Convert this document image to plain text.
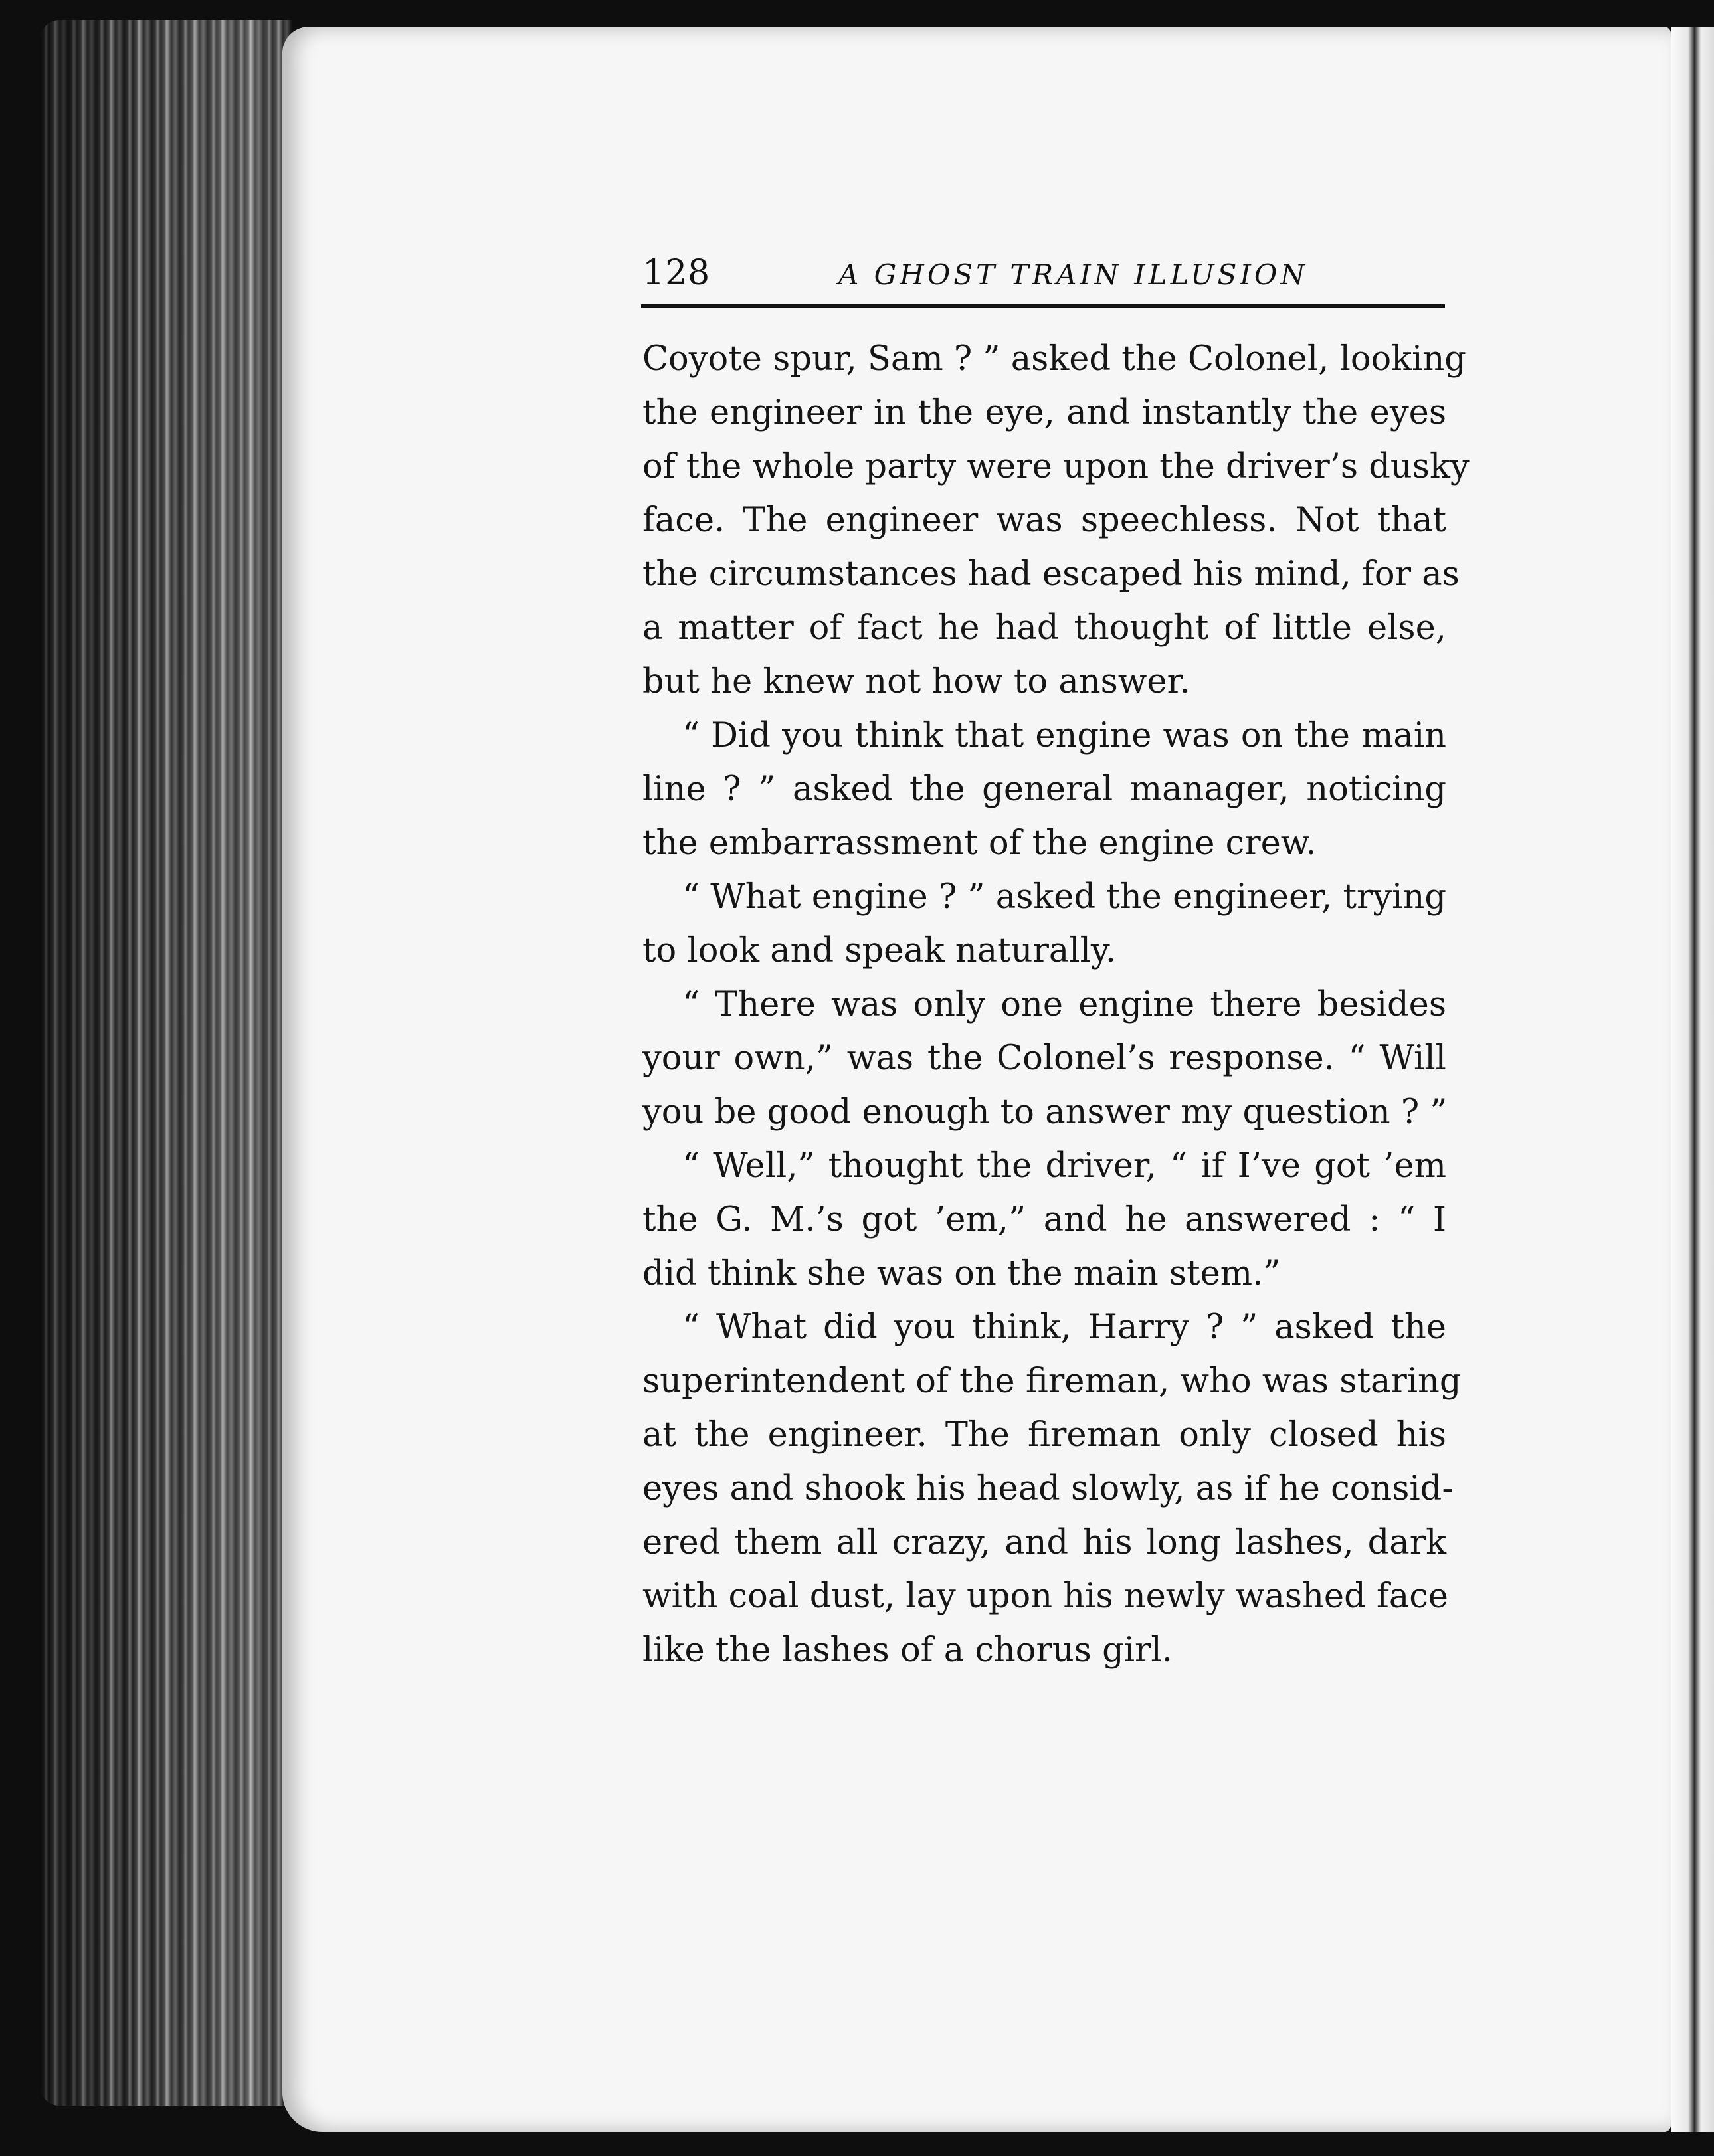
128	A GHOST TRAIN ILLUSION
Coyote spur, Sam ? ” asked the Colonel, looking
the engineer in the eye, and instantly the eyes
of the whole party were upon the driver’s dusky
face. The engineer was speechless. Not that
the circumstances had escaped his mind, for as
a matter of fact he had thought of little else,
but he knew not how to answer.
“ Did you think that engine was on the main
line ? ” asked the general manager, noticing
the embarrassment of the engine crew.
“ What engine ? ” asked the engineer, trying
to look and speak naturally.
“ There was only one engine there besides
your own,” was the Colonel’s response. “ Will
you be good enough to answer my question ? ”
“ Well,” thought the driver, “ if I’ve got ’em
the G. M.’s got ’em,” and he answered : “ I
did think she was on the main stem.”
“ What did you think, Harry ? ” asked the
superintendent of the fireman, who was staring
at the engineer. The fireman only closed his
eyes and shook his head slowly, as if he consid-
ered them all crazy, and his long lashes, dark
with coal dust, lay upon his newly washed face
like the lashes of a chorus girl.
